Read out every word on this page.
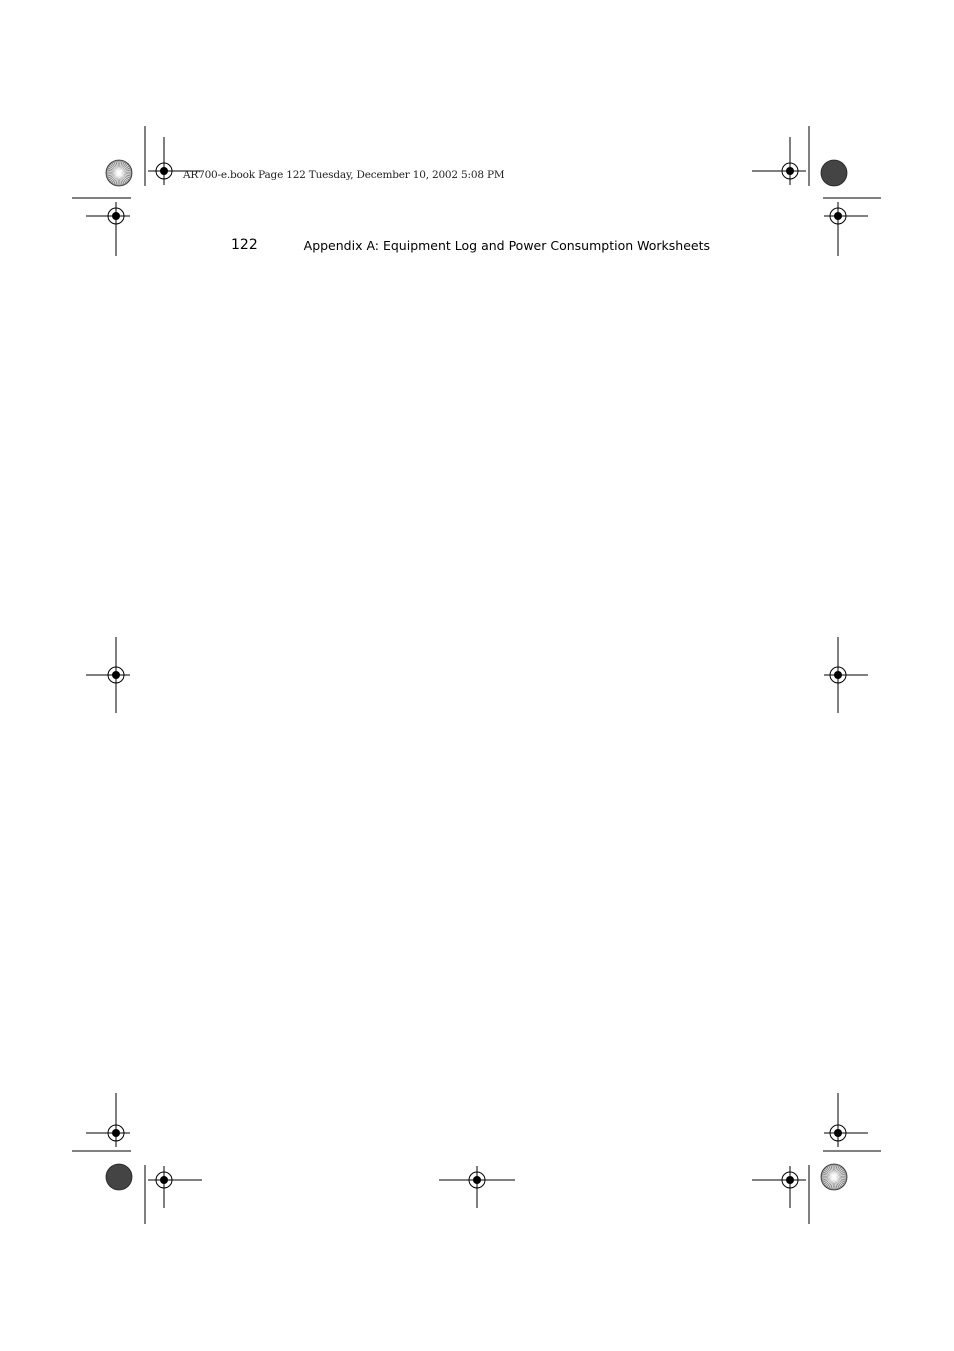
AR700-e.book Page 122 Tuesday, December 10, 2002 5:08 PM
122	Appendix A: Equipment Log and Power Consumption Worksheets
